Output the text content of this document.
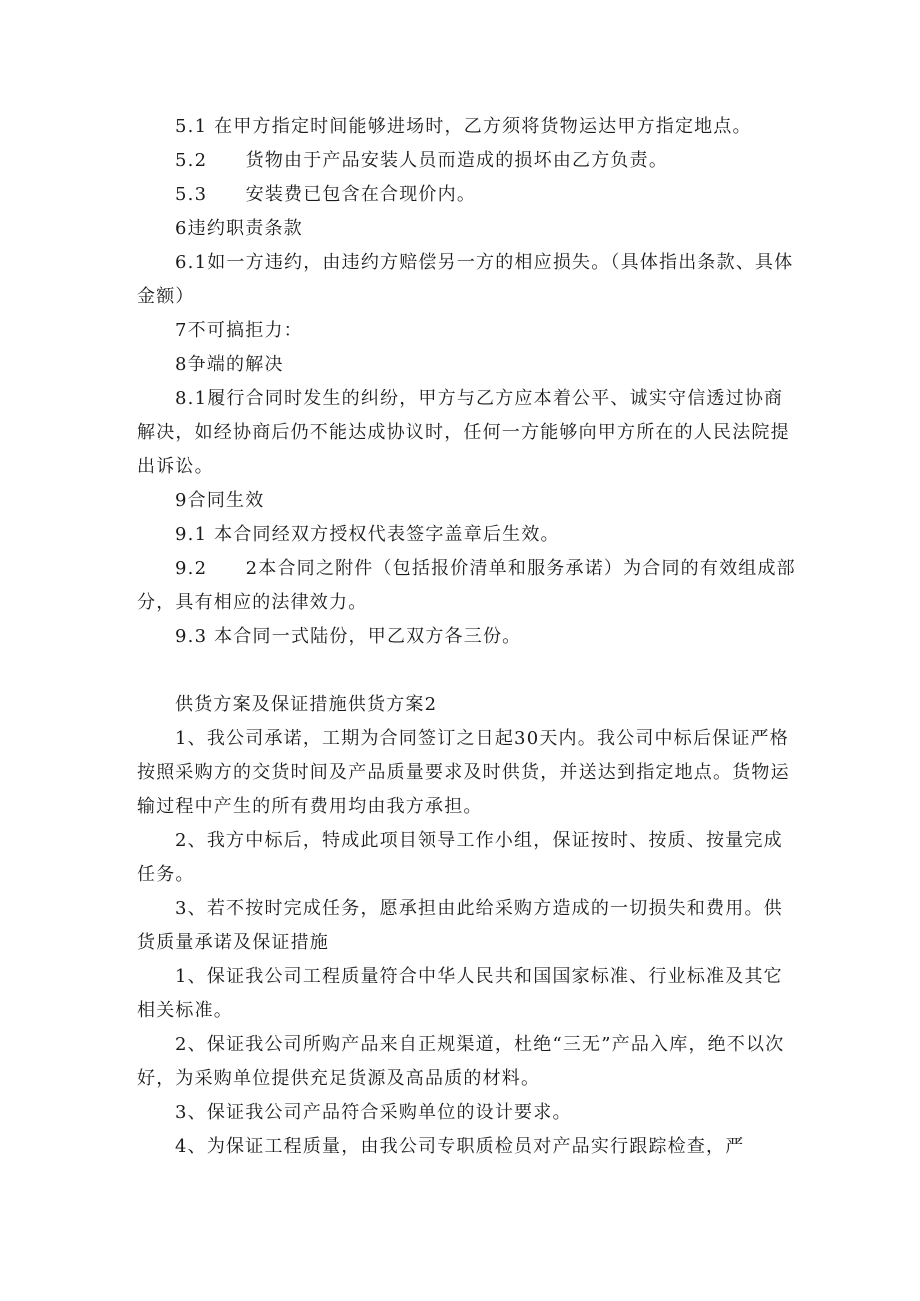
5.1 在甲方指定时间能够进场时，乙方须将货物运达甲方指定地点。

5.2　　货物由于产品安装人员而造成的损坏由乙方负责。

5.3　　安装费已包含在合现价内。

6违约职责条款

6.1如一方违约，由违约方赔偿另一方的相应损失。（具体指出条款、具体金额）

7不可搞拒力：

8争端的解决

8.1履行合同时发生的纠纷，甲方与乙方应本着公平、诚实守信透过协商解决，如经协商后仍不能达成协议时，任何一方能够向甲方所在的人民法院提出诉讼。

9合同生效

9.1 本合同经双方授权代表签字盖章后生效。

9.2　　2本合同之附件（包括报价清单和服务承诺）为合同的有效组成部分，具有相应的法律效力。

9.3 本合同一式陆份，甲乙双方各三份。

供货方案及保证措施供货方案2

1、我公司承诺，工期为合同签订之日起30天内。我公司中标后保证严格按照采购方的交货时间及产品质量要求及时供货，并送达到指定地点。货物运输过程中产生的所有费用均由我方承担。

2、我方中标后，特成此项目领导工作小组，保证按时、按质、按量完成任务。

3、若不按时完成任务，愿承担由此给采购方造成的一切损失和费用。供货质量承诺及保证措施

1、保证我公司工程质量符合中华人民共和国国家标准、行业标准及其它相关标准。

2、保证我公司所购产品来自正规渠道，杜绝“三无”产品入库，绝不以次好，为采购单位提供充足货源及高品质的材料。

3、保证我公司产品符合采购单位的设计要求。

4、为保证工程质量，由我公司专职质检员对产品实行跟踪检查，严
